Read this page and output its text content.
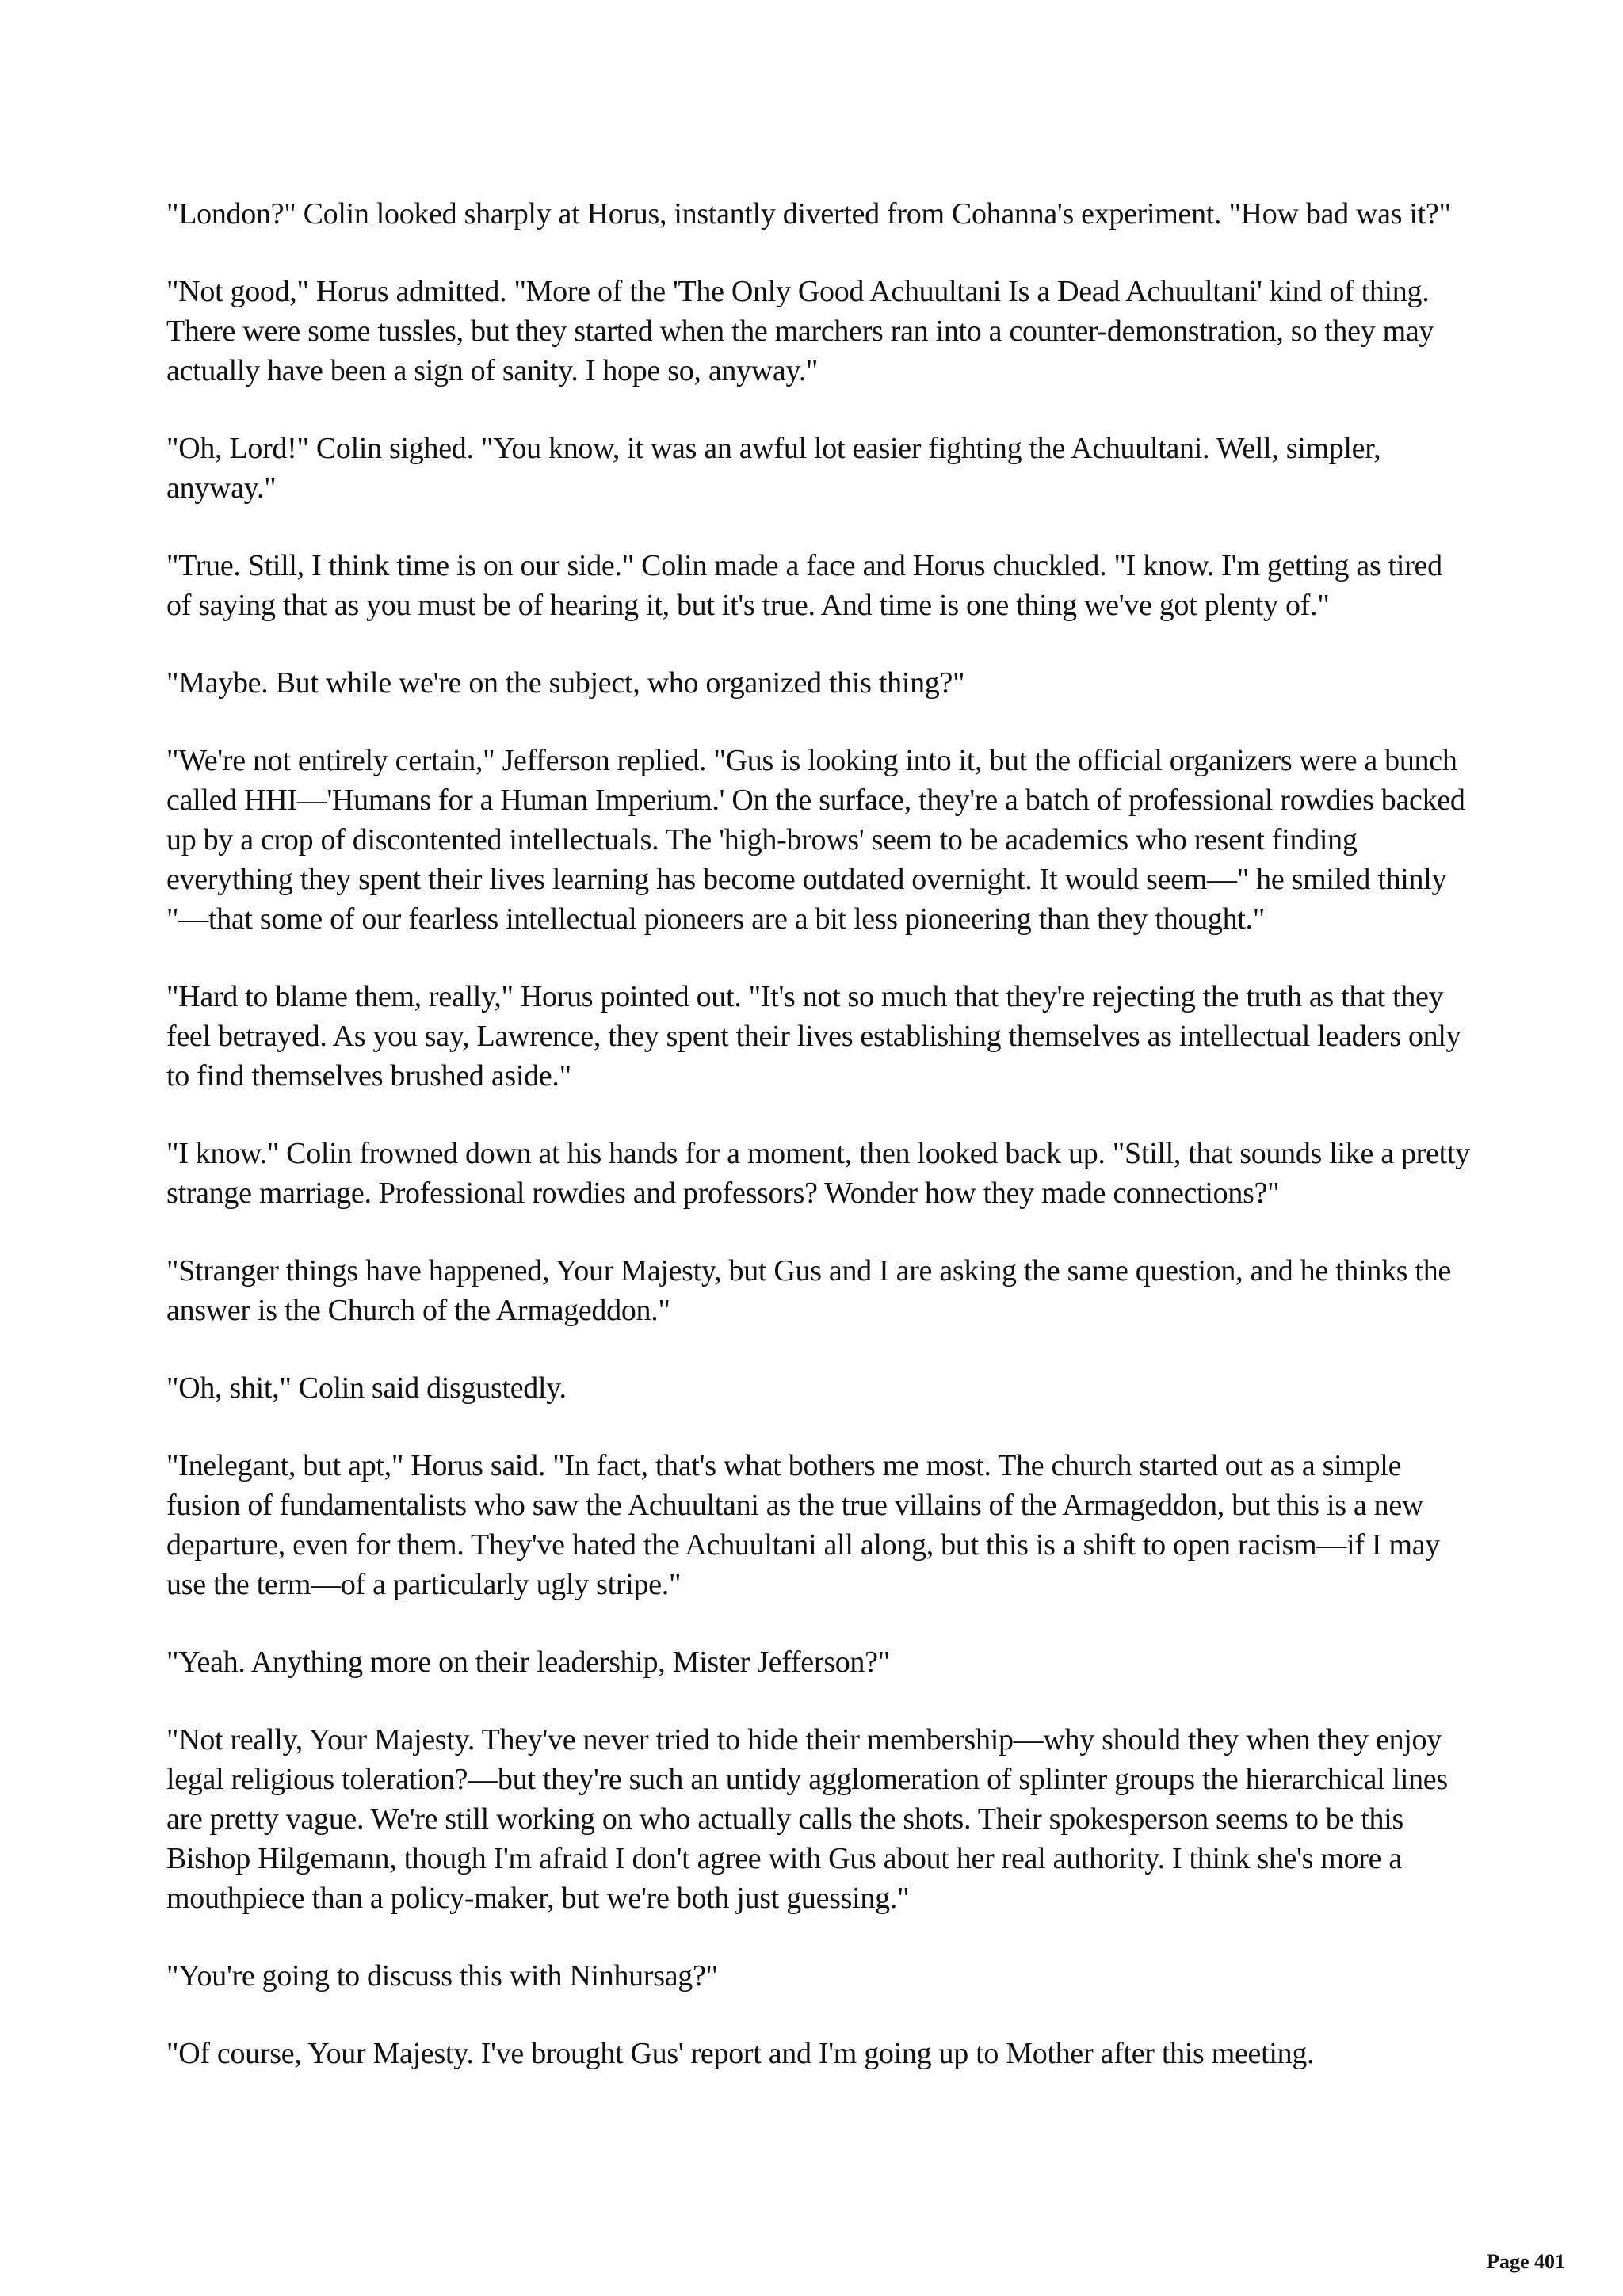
"London?" Colin looked sharply at Horus, instantly diverted from Cohanna's experiment. "How bad was it?"

"Not good," Horus admitted. "More of the 'The Only Good Achuultani Is a Dead Achuultani' kind of thing. There were some tussles, but they started when the marchers ran into a counter-demonstration, so they may actually have been a sign of sanity. I hope so, anyway."

"Oh, Lord!" Colin sighed. "You know, it was an awful lot easier fighting the Achuultani. Well, simpler, anyway."

"True. Still, I think time is on our side." Colin made a face and Horus chuckled. "I know. I'm getting as tired of saying that as you must be of hearing it, but it's true. And time is one thing we've got plenty of."

"Maybe. But while we're on the subject, who organized this thing?"

"We're not entirely certain," Jefferson replied. "Gus is looking into it, but the official organizers were a bunch called HHI—'Humans for a Human Imperium.' On the surface, they're a batch of professional rowdies backed up by a crop of discontented intellectuals. The 'high-brows' seem to be academics who resent finding everything they spent their lives learning has become outdated overnight. It would seem—" he smiled thinly "—that some of our fearless intellectual pioneers are a bit less pioneering than they thought."

"Hard to blame them, really," Horus pointed out. "It's not so much that they're rejecting the truth as that they feel betrayed. As you say, Lawrence, they spent their lives establishing themselves as intellectual leaders only to find themselves brushed aside."

"I know." Colin frowned down at his hands for a moment, then looked back up. "Still, that sounds like a pretty strange marriage. Professional rowdies and professors? Wonder how they made connections?"

"Stranger things have happened, Your Majesty, but Gus and I are asking the same question, and he thinks the answer is the Church of the Armageddon."

"Oh, shit," Colin said disgustedly.

"Inelegant, but apt," Horus said. "In fact, that's what bothers me most. The church started out as a simple fusion of fundamentalists who saw the Achuultani as the true villains of the Armageddon, but this is a new departure, even for them. They've hated the Achuultani all along, but this is a shift to open racism—if I may use the term—of a particularly ugly stripe."

"Yeah. Anything more on their leadership, Mister Jefferson?"

"Not really, Your Majesty. They've never tried to hide their membership—why should they when they enjoy legal religious toleration?—but they're such an untidy agglomeration of splinter groups the hierarchical lines are pretty vague. We're still working on who actually calls the shots. Their spokesperson seems to be this Bishop Hilgemann, though I'm afraid I don't agree with Gus about her real authority. I think she's more a mouthpiece than a policy-maker, but we're both just guessing."

"You're going to discuss this with Ninhursag?"

"Of course, Your Majesty. I've brought Gus' report and I'm going up to Mother after this meeting.

Page 401
